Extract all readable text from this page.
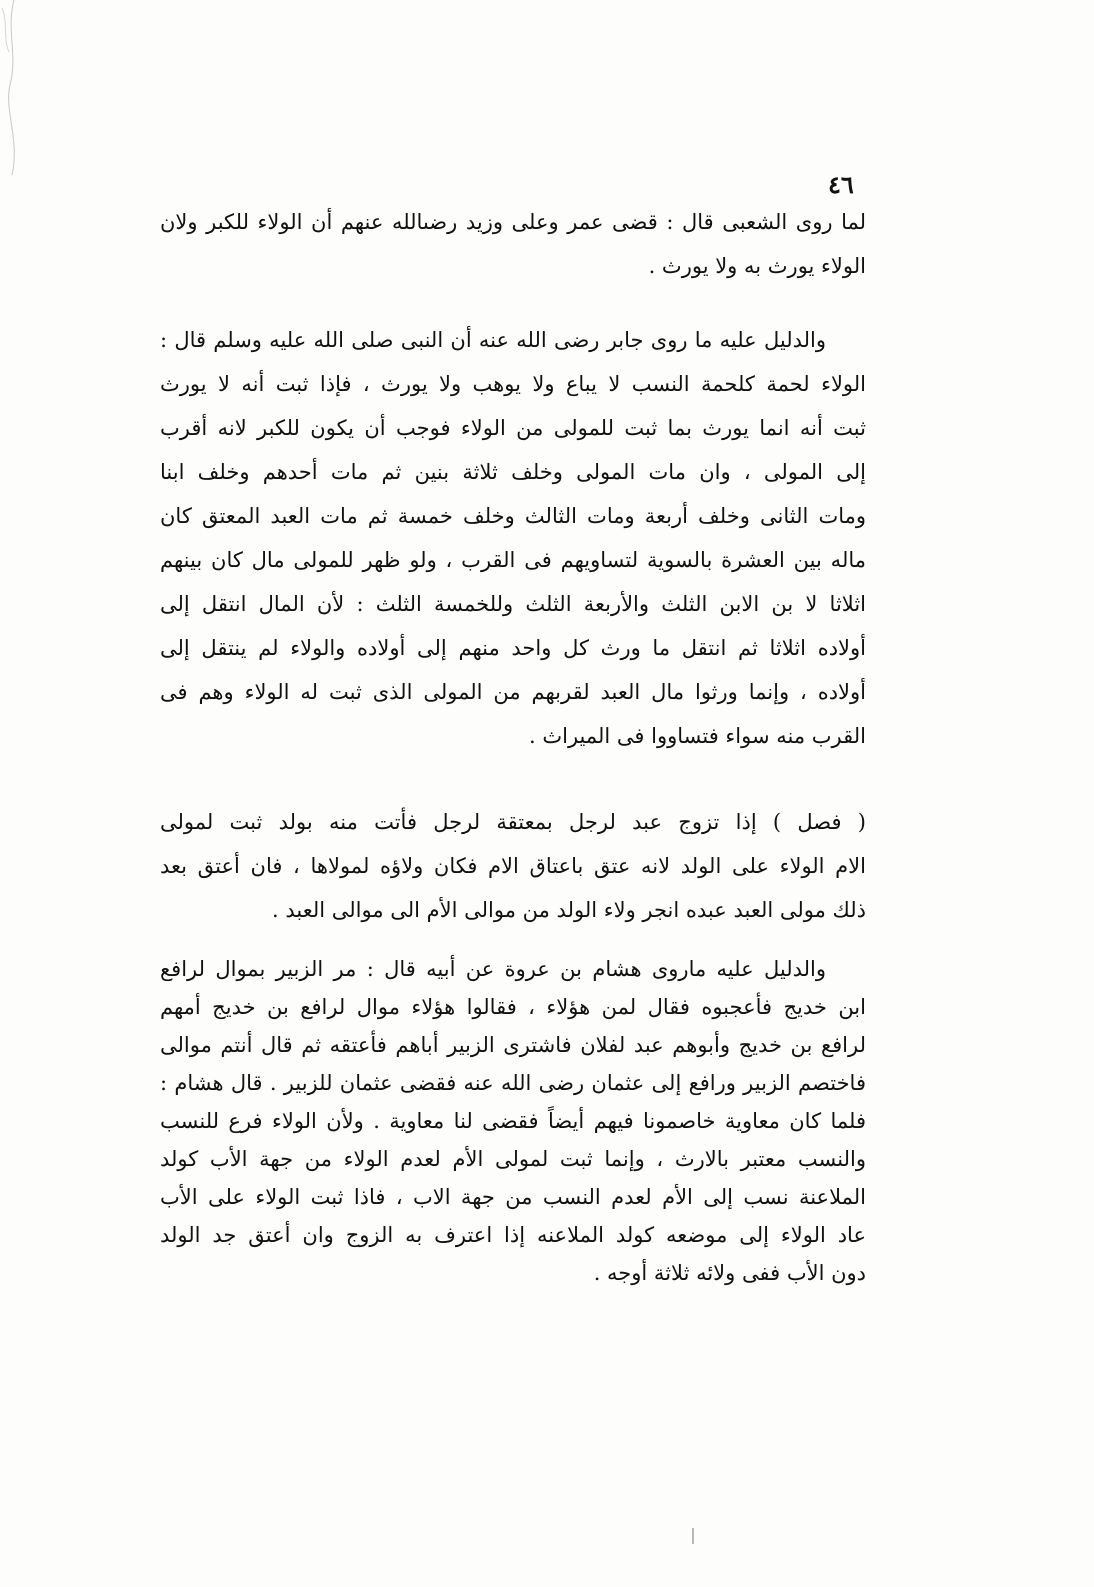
٤٦
لما روى الشعبى قال : قضى عمر وعلى وزيد رضىالله عنهم أن الولاء للكبر ولان
الولاء يورث به ولا يورث .
والدليل عليه ما روى جابر رضى الله عنه أن النبى صلى الله عليه وسلم قال :
الولاء لحمة كلحمة النسب لا يباع ولا يوهب ولا يورث ، فإذا ثبت أنه لا يورث
ثبت أنه انما يورث بما ثبت للمولى من الولاء فوجب أن يكون للكبر لانه أقرب
إلى المولى ، وان مات المولى وخلف ثلاثة بنين ثم مات أحدهم وخلف ابنا
ومات الثانى وخلف أربعة ومات الثالث وخلف خمسة ثم مات العبد المعتق كان
ماله بين العشرة بالسوية لتساويهم فى القرب ، ولو ظهر للمولى مال كان بينهم
اثلاثا لا بن الابن الثلث والأربعة الثلث وللخمسة الثلث : لأن المال انتقل إلى
أولاده اثلاثا ثم انتقل ما ورث كل واحد منهم إلى أولاده والولاء لم ينتقل إلى
أولاده ، وإنما ورثوا مال العبد لقربهم من المولى الذى ثبت له الولاء وهم فى
القرب منه سواء فتساووا فى الميراث .
( فصل ) إذا تزوج عبد لرجل بمعتقة لرجل فأتت منه بولد ثبت لمولى
الام الولاء على الولد لانه عتق باعتاق الام فكان ولاؤه لمولاها ، فان أعتق بعد
ذلك مولى العبد عبده انجر ولاء الولد من موالى الأم الى موالى العبد .
والدليل عليه ماروى هشام بن عروة عن أبيه قال : مر الزبير بموال لرافع
ابن خديج فأعجبوه فقال لمن هؤلاء ، فقالوا هؤلاء موال لرافع بن خديج أمهم
لرافع بن خديج وأبوهم عبد لفلان فاشترى الزبير أباهم فأعتقه ثم قال أنتم موالى
فاختصم الزبير ورافع إلى عثمان رضى الله عنه فقضى عثمان للزبير . قال هشام :
فلما كان معاوية خاصمونا فيهم أيضاً فقضى لنا معاوية . ولأن الولاء فرع للنسب
والنسب معتبر بالارث ، وإنما ثبت لمولى الأم لعدم الولاء من جهة الأب كولد
الملاعنة نسب إلى الأم لعدم النسب من جهة الاب ، فاذا ثبت الولاء على الأب
عاد الولاء إلى موضعه كولد الملاعنه إذا اعترف به الزوج وان أعتق جد الولد
دون الأب ففى ولائه ثلاثة أوجه .
